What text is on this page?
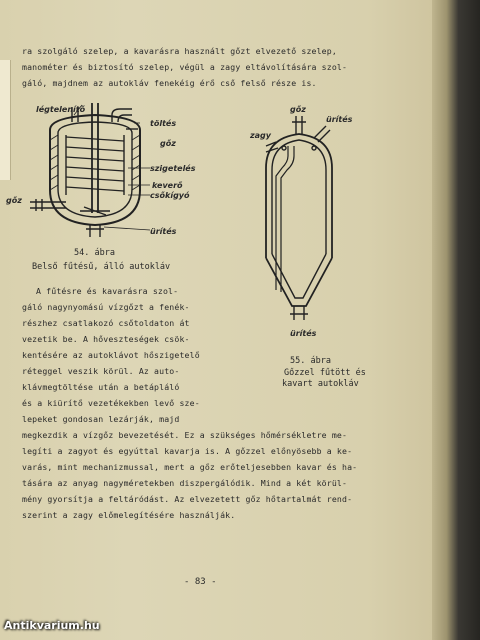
ra szolgáló szelep, a kavarásra használt gőzt elvezető szelep,
manométer és biztosító szelep, végül a zagy eltávolítására szol-
gáló, majdnem az autokláv fenekéig érő cső felső része is.
légtelenítő
töltés
gőz
szigetelés
keverő
csőkígyó
gőz
ürítés
54. ábra
Belső fűtésű, álló autokláv
gőz
ürítés
zagy
ürítés
55. ábra
Gőzzel fűtött és
kavart autokláv
A fűtésre és kavarásra szol-
gáló nagynyomású vízgőzt a fenék-
részhez csatlakozó csőtoldaton át
vezetik be. A hőveszteségek csök-
kentésére az autoklávot hőszigetelő
réteggel veszik körül. Az auto-
klávmegtöltése után a betápláló
és a kiürítő vezetékekben levő sze-
lepeket gondosan lezárják, majd
megkezdik a vízgőz bevezetését. Ez a szükséges hőmérsékletre me-
legíti a zagyot és egyúttal kavarja is. A gőzzel előnyösebb a ke-
varás, mint mechanizmussal, mert a gőz erőteljesebben kavar és ha-
tására az anyag nagyméretekben diszpergálódik. Mind a két körül-
mény gyorsítja a feltáródást. Az elvezetett gőz hőtartalmát rend-
szerint a zagy előmelegítésére használják.
- 83 -
Antikvarium.hu
